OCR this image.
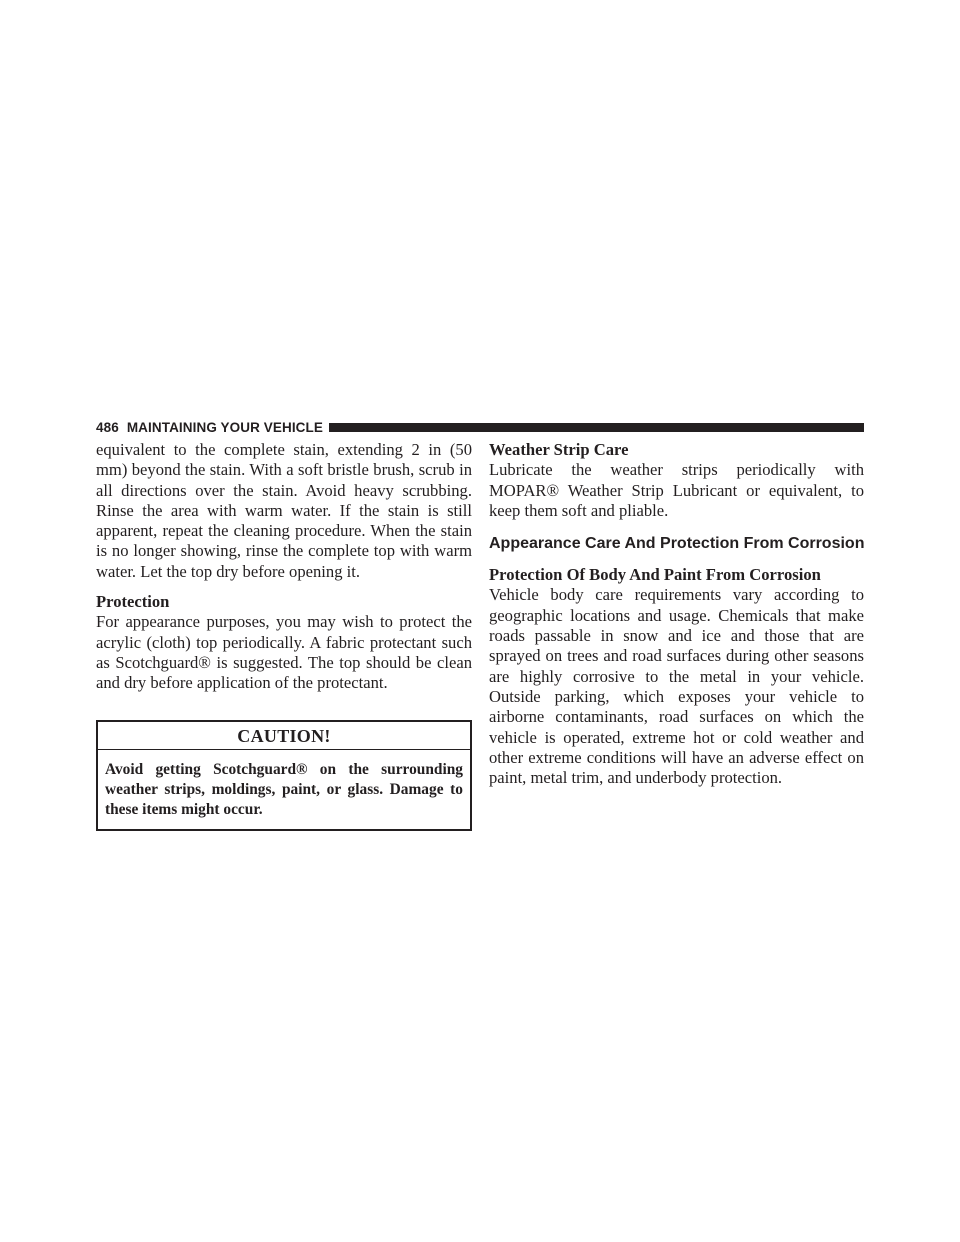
486 MAINTAINING YOUR VEHICLE

equivalent to the complete stain, extending 2 in (50 mm) beyond the stain. With a soft bristle brush, scrub in all directions over the stain. Avoid heavy scrubbing. Rinse the area with warm water. If the stain is still apparent, repeat the cleaning procedure. When the stain is no longer showing, rinse the complete top with warm water. Let the top dry before opening it.

Protection

For appearance purposes, you may wish to protect the acrylic (cloth) top periodically. A fabric protectant such as Scotchguard® is suggested. The top should be clean and dry before application of the protectant.

CAUTION!
Avoid getting Scotchguard® on the surrounding weather strips, moldings, paint, or glass. Damage to these items might occur.
Weather Strip Care

Lubricate the weather strips periodically with MOPAR® Weather Strip Lubricant or equivalent, to keep them soft and pliable.

Appearance Care And Protection From Corrosion
Protection Of Body And Paint From Corrosion

Vehicle body care requirements vary according to geographic locations and usage. Chemicals that make roads passable in snow and ice and those that are sprayed on trees and road surfaces during other seasons are highly corrosive to the metal in your vehicle. Outside parking, which exposes your vehicle to airborne contaminants, road surfaces on which the vehicle is operated, extreme hot or cold weather and other extreme conditions will have an adverse effect on paint, metal trim, and underbody protection.
